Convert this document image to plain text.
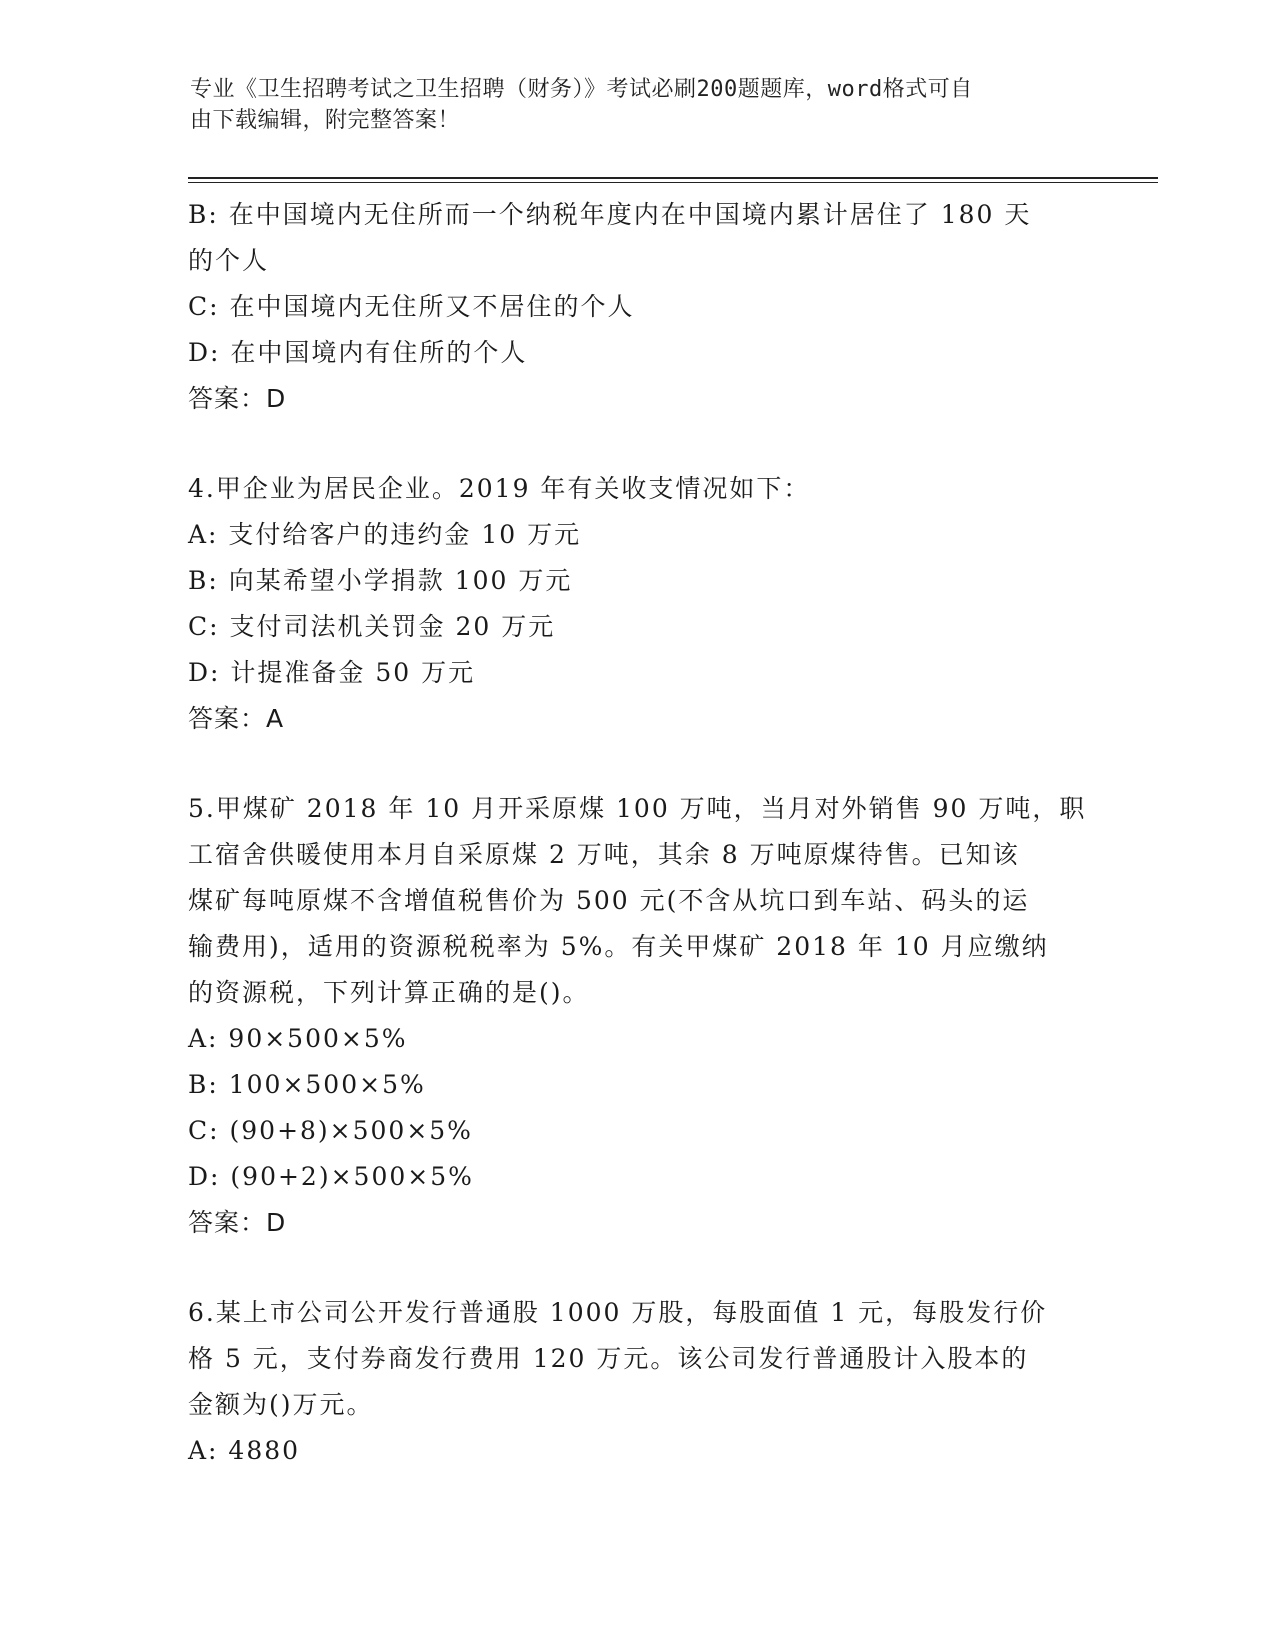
专业《卫生招聘考试之卫生招聘（财务）》考试必刷200题题库，word格式可自
由下载编辑，附完整答案！
B: 在中国境内无住所而一个纳税年度内在中国境内累计居住了 180 天
的个人
C: 在中国境内无住所又不居住的个人
D: 在中国境内有住所的个人
答案：D
4.甲企业为居民企业。2019 年有关收支情况如下：
A: 支付给客户的违约金 10 万元
B: 向某希望小学捐款 100 万元
C: 支付司法机关罚金 20 万元
D: 计提准备金 50 万元
答案：A
5.甲煤矿 2018 年 10 月开采原煤 100 万吨，当月对外销售 90 万吨，职
工宿舍供暖使用本月自采原煤 2 万吨，其余 8 万吨原煤待售。已知该
煤矿每吨原煤不含增值税售价为 500 元(不含从坑口到车站、码头的运
输费用)，适用的资源税税率为 5%。有关甲煤矿 2018 年 10 月应缴纳
的资源税，下列计算正确的是()。
A: 90×500×5%
B: 100×500×5%
C: (90+8)×500×5%
D: (90+2)×500×5%
答案：D
6.某上市公司公开发行普通股 1000 万股，每股面值 1 元，每股发行价
格 5 元，支付券商发行费用 120 万元。该公司发行普通股计入股本的
金额为()万元。
A: 4880
